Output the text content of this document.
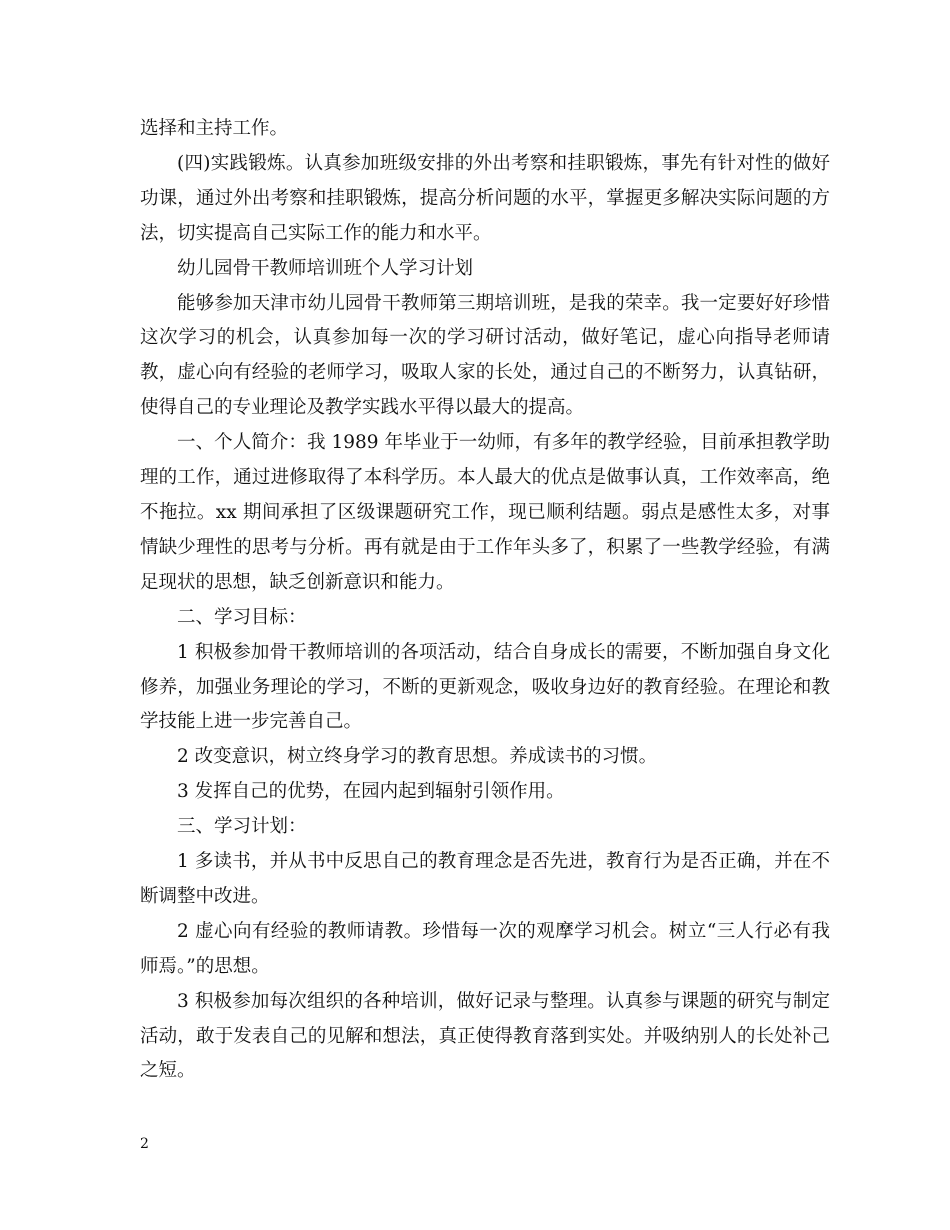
选择和主持工作。

(四)实践锻炼。认真参加班级安排的外出考察和挂职锻炼，事先有针对性的做好功课，通过外出考察和挂职锻炼，提高分析问题的水平，掌握更多解决实际问题的方法，切实提高自己实际工作的能力和水平。

幼儿园骨干教师培训班个人学习计划

能够参加天津市幼儿园骨干教师第三期培训班，是我的荣幸。我一定要好好珍惜这次学习的机会，认真参加每一次的学习研讨活动，做好笔记，虚心向指导老师请教，虚心向有经验的老师学习，吸取人家的长处，通过自己的不断努力，认真钻研，使得自己的专业理论及教学实践水平得以最大的提高。

一、个人简介：我 1989 年毕业于一幼师，有多年的教学经验，目前承担教学助理的工作，通过进修取得了本科学历。本人最大的优点是做事认真，工作效率高，绝不拖拉。xx 期间承担了区级课题研究工作，现已顺利结题。弱点是感性太多，对事情缺少理性的思考与分析。再有就是由于工作年头多了，积累了一些教学经验，有满足现状的思想，缺乏创新意识和能力。

二、学习目标：

1 积极参加骨干教师培训的各项活动，结合自身成长的需要，不断加强自身文化修养，加强业务理论的学习，不断的更新观念，吸收身边好的教育经验。在理论和教学技能上进一步完善自己。

2 改变意识，树立终身学习的教育思想。养成读书的习惯。

3 发挥自己的优势，在园内起到辐射引领作用。

三、学习计划：

1 多读书，并从书中反思自己的教育理念是否先进，教育行为是否正确，并在不断调整中改进。

2 虚心向有经验的教师请教。珍惜每一次的观摩学习机会。树立“三人行必有我师焉。”的思想。

3 积极参加每次组织的各种培训，做好记录与整理。认真参与课题的研究与制定活动，敢于发表自己的见解和想法，真正使得教育落到实处。并吸纳别人的长处补己之短。

2
